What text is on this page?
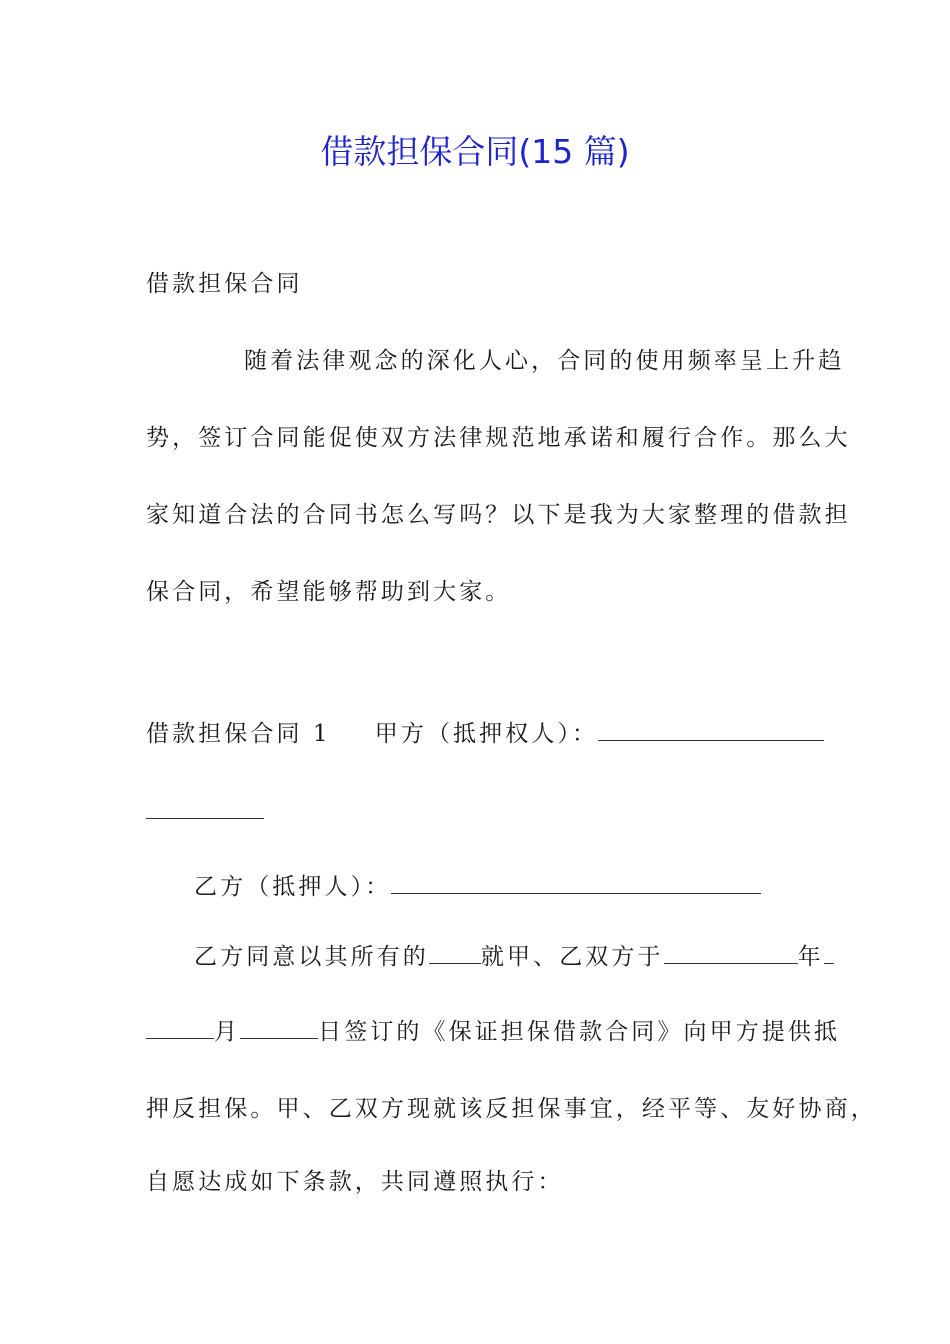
借款担保合同(15 篇)
借款担保合同
随着法律观念的深化人心，合同的使用频率呈上升趋
势，签订合同能促使双方法律规范地承诺和履行合作。那么大
家知道合法的合同书怎么写吗？以下是我为大家整理的借款担
保合同，希望能够帮助到大家。
借款担保合同 1 甲方（抵押权人）：
乙方（抵押人）：
乙方同意以其所有的 就甲、乙双方于	年
月	日签订的《保证担保借款合同》向甲方提供抵
押反担保。甲、乙双方现就该反担保事宜，经平等、友好协商，
自愿达成如下条款，共同遵照执行：
